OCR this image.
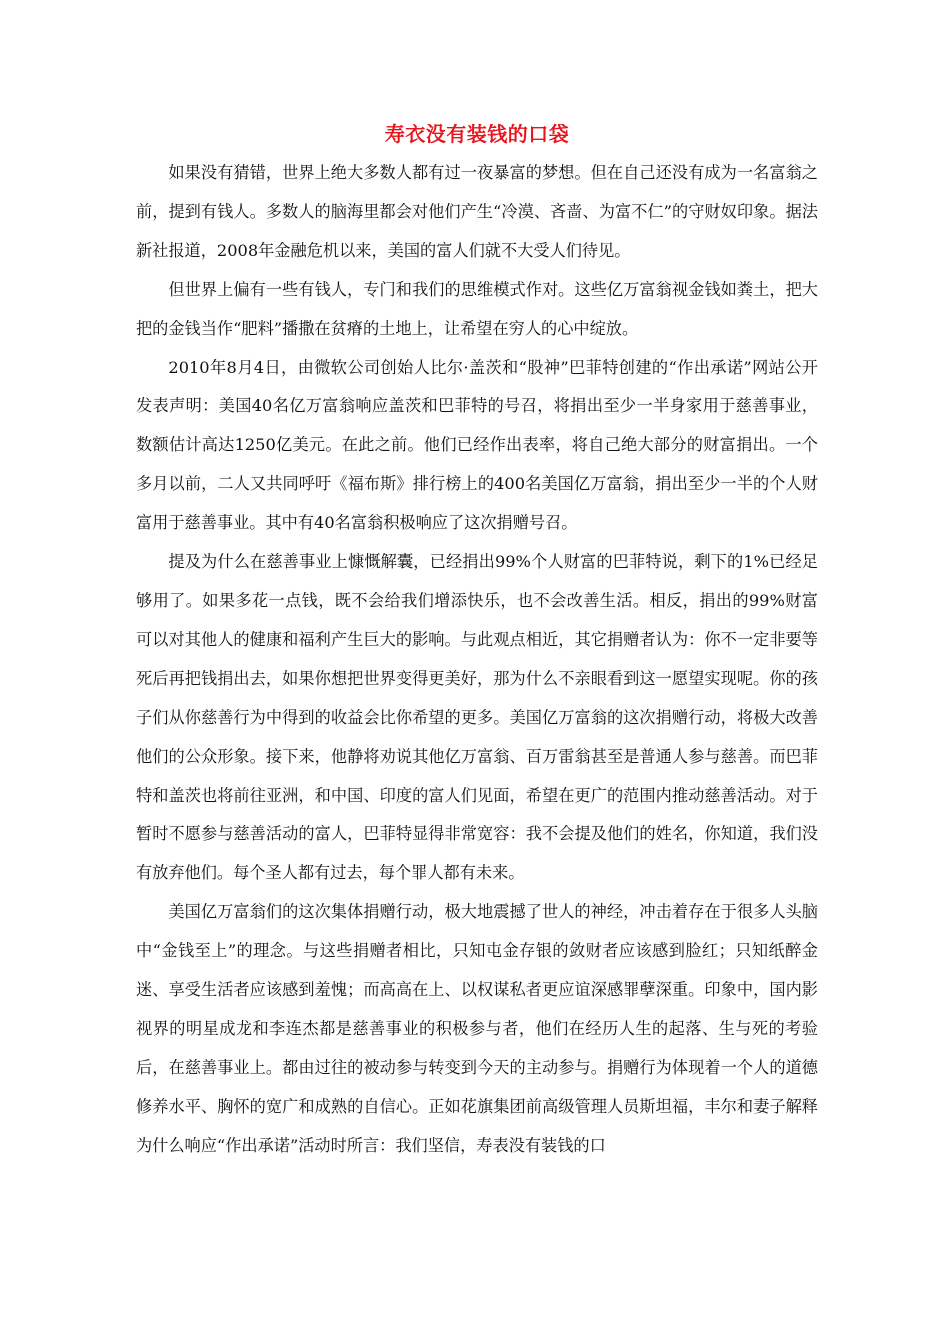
寿衣没有装钱的口袋

如果没有猜错，世界上绝大多数人都有过一夜暴富的梦想。但在自己还没有成为一名富翁之前，提到有钱人。多数人的脑海里都会对他们产生“冷漠、吝啬、为富不仁”的守财奴印象。据法新社报道，2008年金融危机以来，美国的富人们就不大受人们待见。

但世界上偏有一些有钱人，专门和我们的思维模式作对。这些亿万富翁视金钱如粪土，把大把的金钱当作“肥料”播撒在贫瘠的土地上，让希望在穷人的心中绽放。

2010年8月4日，由微软公司创始人比尔·盖茨和“股神”巴菲特创建的“作出承诺”网站公开发表声明：美国40名亿万富翁响应盖茨和巴菲特的号召，将捐出至少一半身家用于慈善事业，数额估计高达1250亿美元。在此之前。他们已经作出表率，将自己绝大部分的财富捐出。一个多月以前，二人又共同呼吁《福布斯》排行榜上的400名美国亿万富翁，捐出至少一半的个人财富用于慈善事业。其中有40名富翁积极响应了这次捐赠号召。

提及为什么在慈善事业上慷慨解囊，已经捐出99%个人财富的巴菲特说，剩下的1%已经足够用了。如果多花一点钱，既不会给我们增添快乐，也不会改善生活。相反，捐出的99%财富可以对其他人的健康和福利产生巨大的影响。与此观点相近，其它捐赠者认为：你不一定非要等死后再把钱捐出去，如果你想把世界变得更美好，那为什么不亲眼看到这一愿望实现呢。你的孩子们从你慈善行为中得到的收益会比你希望的更多。美国亿万富翁的这次捐赠行动，将极大改善他们的公众形象。接下来，他静将劝说其他亿万富翁、百万雷翁甚至是普通人参与慈善。而巴菲特和盖茨也将前往亚洲，和中国、印度的富人们见面，希望在更广的范围内推动慈善活动。对于暂时不愿参与慈善活动的富人，巴菲特显得非常宽容：我不会提及他们的姓名，你知道，我们没有放弃他们。每个圣人都有过去，每个罪人都有未来。

美国亿万富翁们的这次集体捐赠行动，极大地震撼了世人的神经，冲击着存在于很多人头脑中“金钱至上”的理念。与这些捐赠者相比，只知屯金存银的敛财者应该感到脸红；只知纸醉金迷、享受生活者应该感到羞愧；而高高在上、以权谋私者更应谊深感罪孽深重。印象中，国内影视界的明星成龙和李连杰都是慈善事业的积极参与者，他们在经历人生的起落、生与死的考验后，在慈善事业上。都由过往的被动参与转变到今天的主动参与。捐赠行为体现着一个人的道德修养水平、胸怀的宽广和成熟的自信心。正如花旗集团前高级管理人员斯坦福，丰尔和妻子解释为什么响应“作出承诺”活动时所言：我们坚信，寿表没有装钱的口
